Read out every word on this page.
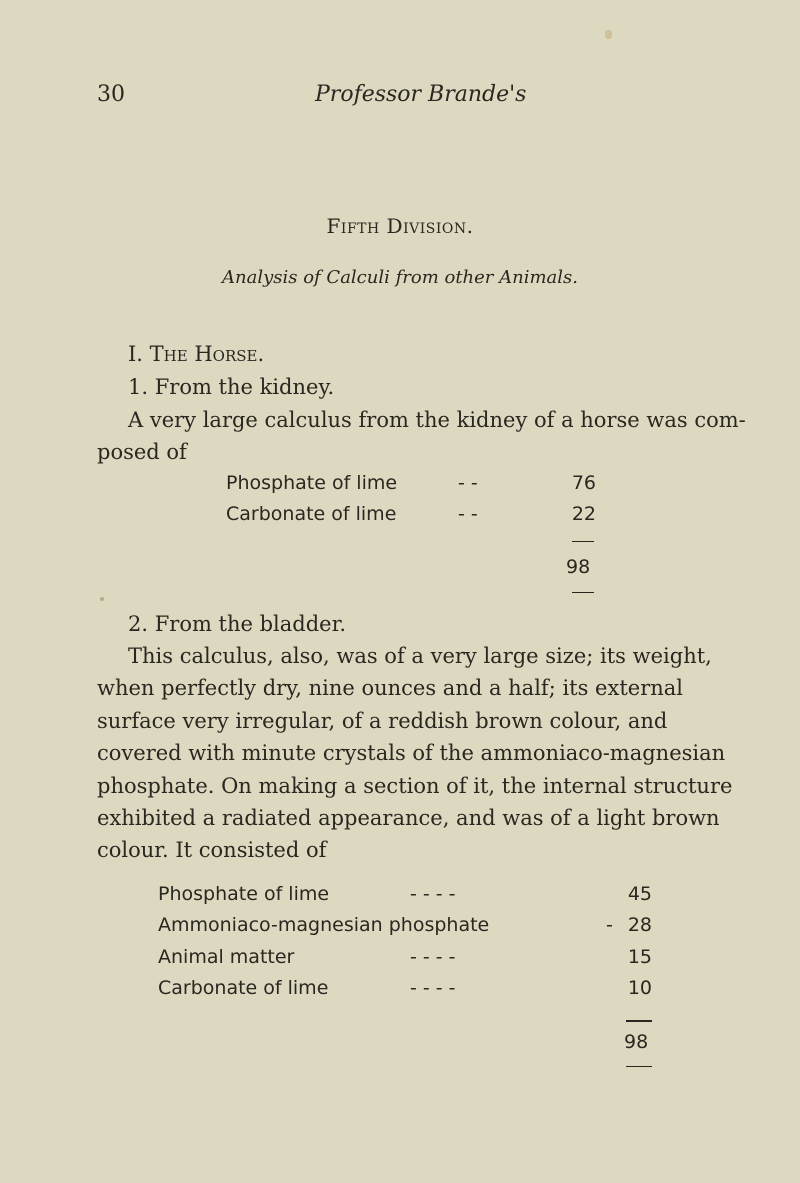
30	Professor Brande's
Fifth Division.
Analysis of Calculi from other Animals.
I. The Horse.
1. From the kidney.
A very large calculus from the kidney of a horse was com-
posed of
Phosphate of lime	- -	76
Carbonate of lime	- -	22
98
2. From the bladder.
This calculus, also, was of a very large size; its weight,
when perfectly dry, nine ounces and a half; its external
surface very irregular, of a reddish brown colour, and
covered with minute crystals of the ammoniaco-magnesian
phosphate. On making a section of it, the internal structure
exhibited a radiated appearance, and was of a light brown
colour. It consisted of
Phosphate of lime	- - - -	45
Ammoniaco-magnesian phosphate	- 28
Animal matter	- - - -	15
Carbonate of lime	- - - -	10
98
